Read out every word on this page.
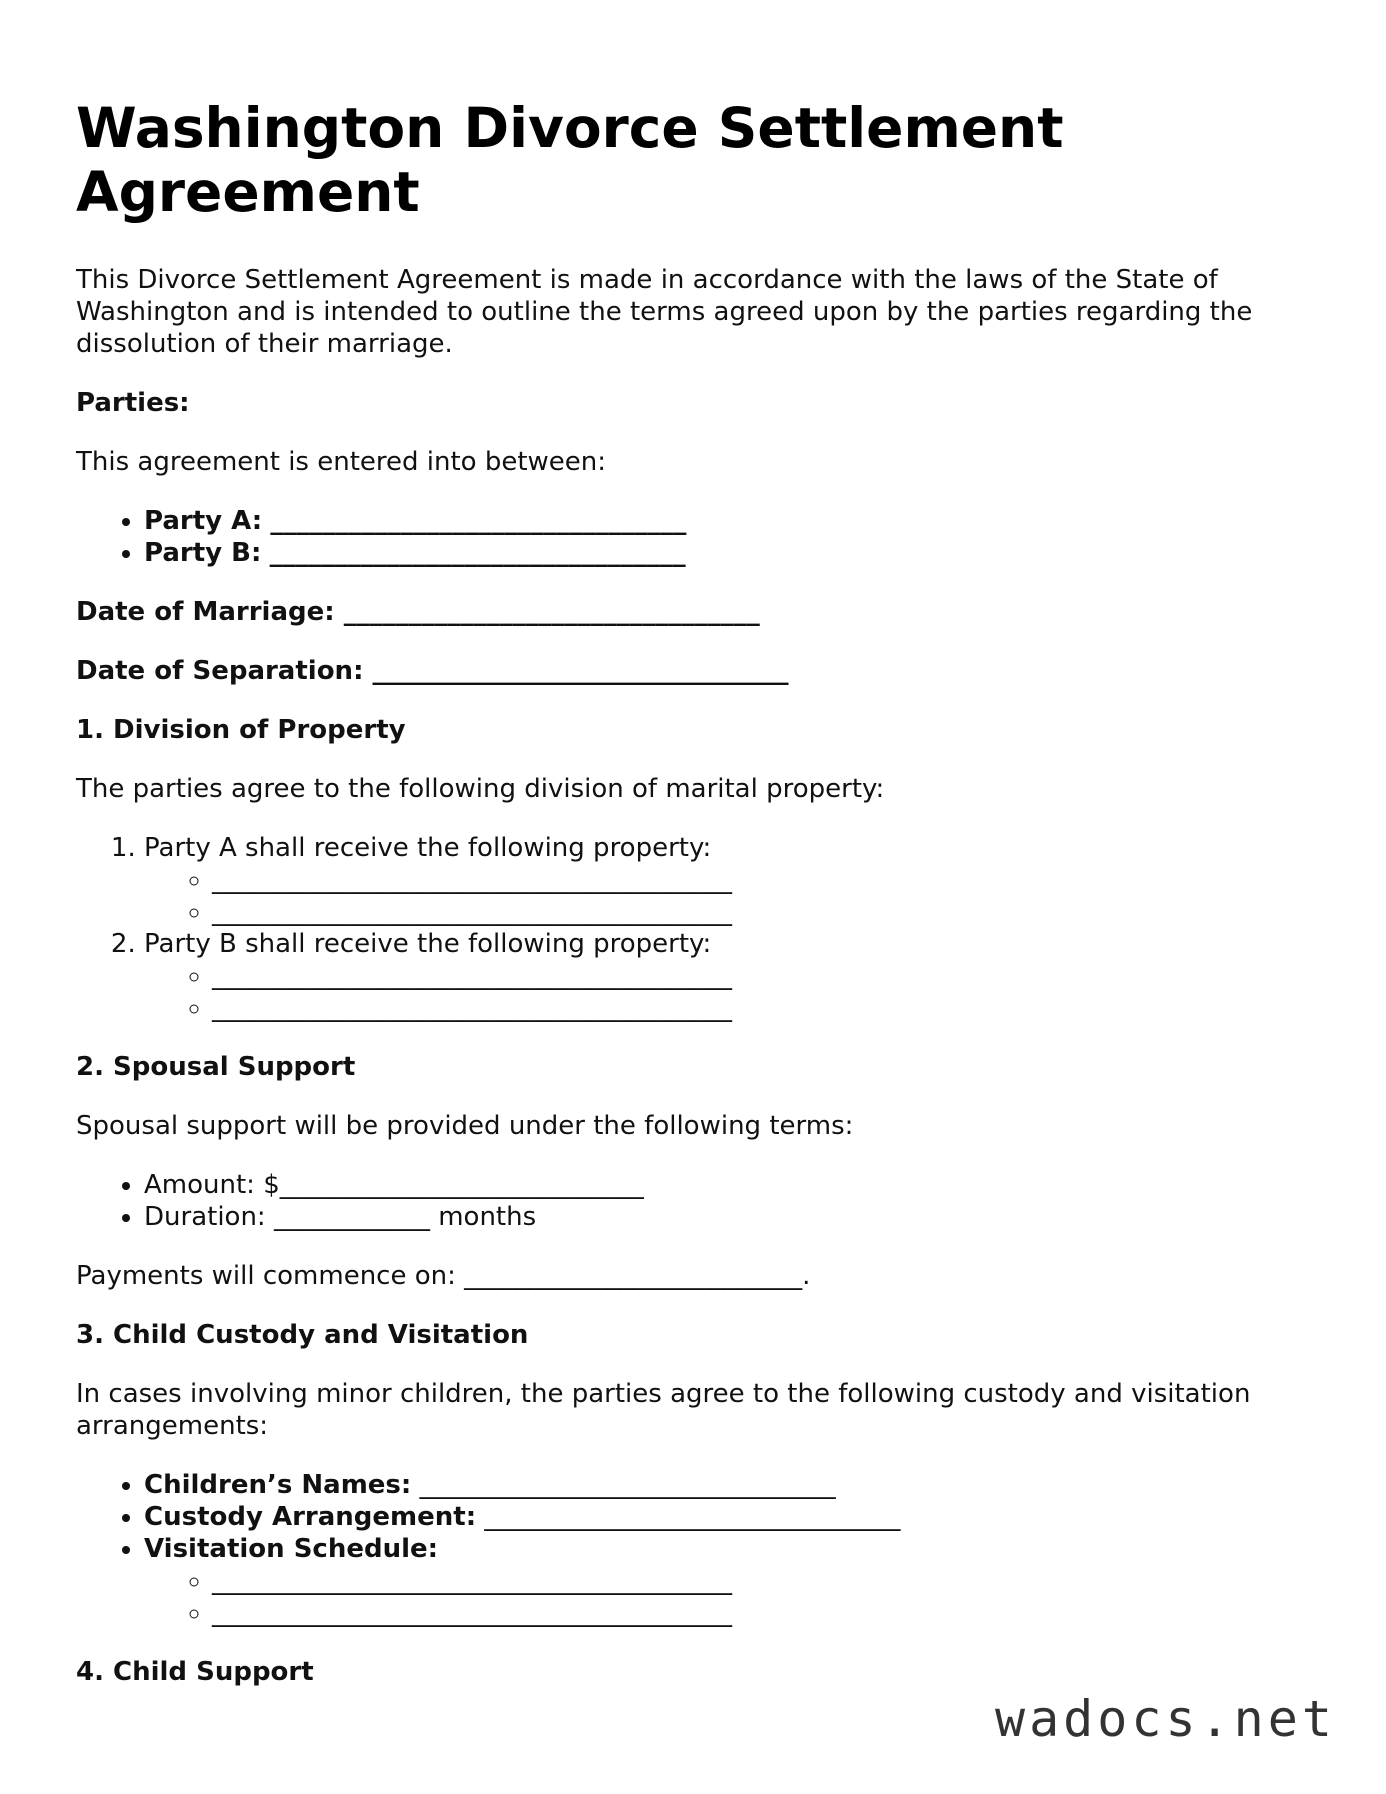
Washington Divorce Settlement Agreement

This Divorce Settlement Agreement is made in accordance with the laws of the State of Washington and is intended to outline the terms agreed upon by the parties regarding the dissolution of their marriage.

Parties:

This agreement is entered into between:

• Party A: ________________________________
• Party B: ________________________________

Date of Marriage: ________________________________

Date of Separation: ________________________________

1. Division of Property

The parties agree to the following division of marital property:

1. Party A shall receive the following property:
◦ ________________________________________
◦ ________________________________________
2. Party B shall receive the following property:
◦ ________________________________________
◦ ________________________________________

2. Spousal Support

Spousal support will be provided under the following terms:

• Amount: $____________________________
• Duration: ____________ months

Payments will commence on: __________________________.

3. Child Custody and Visitation

In cases involving minor children, the parties agree to the following custody and visitation arrangements:

• Children’s Names: ________________________________
• Custody Arrangement: ________________________________
• Visitation Schedule:
◦ ________________________________________
◦ ________________________________________

4. Child Support

wadocs.net
